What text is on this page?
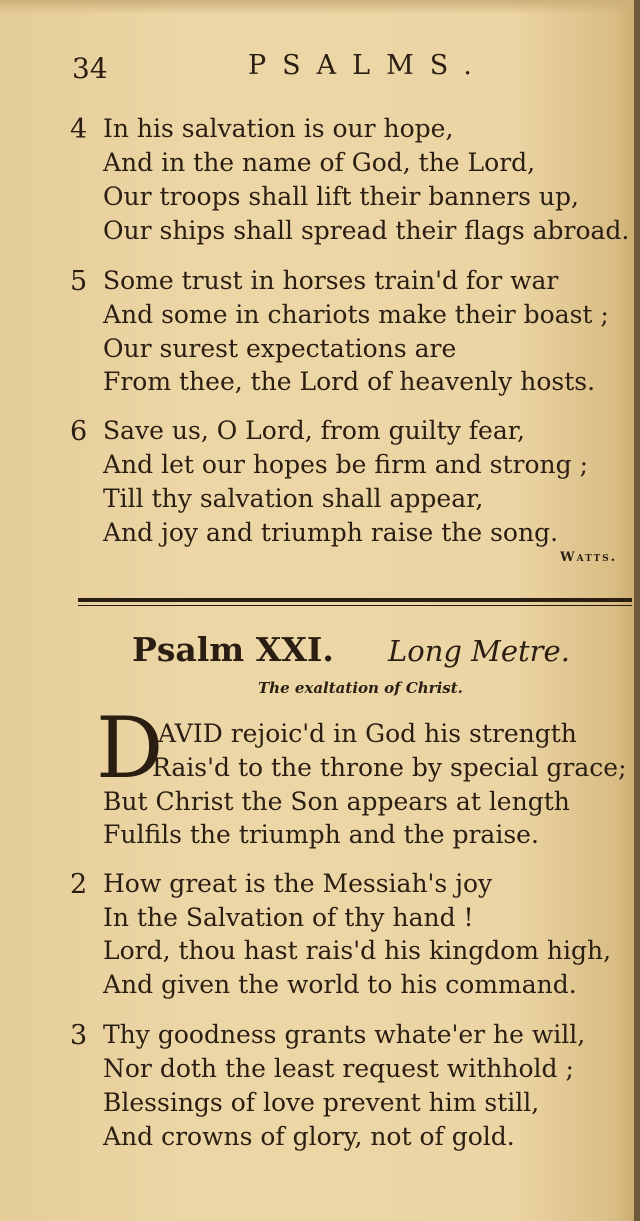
34	PSALMS.
4 In his salvation is our hope,
And in the name of God, the Lord,
Our troops shall lift their banners up,
Our ships shall spread their flags abroad.
5 Some trust in horses train'd for war
And some in chariots make their boast ;
Our surest expectations are
From thee, the Lord of heavenly hosts.
6 Save us, O Lord, from guilty fear,
And let our hopes be firm and strong ;
Till thy salvation shall appear,
And joy and triumph raise the song.
Watts.
Psalm XXI. Long Metre.
The exaltation of Christ.
D
AVID rejoic'd in God his strength
Rais'd to the throne by special grace;
But Christ the Son appears at length
Fulfils the triumph and the praise.
2 How great is the Messiah's joy
In the Salvation of thy hand !
Lord, thou hast rais'd his kingdom high,
And given the world to his command.
3 Thy goodness grants whate'er he will,
Nor doth the least request withhold ;
Blessings of love prevent him still,
And crowns of glory, not of gold.
